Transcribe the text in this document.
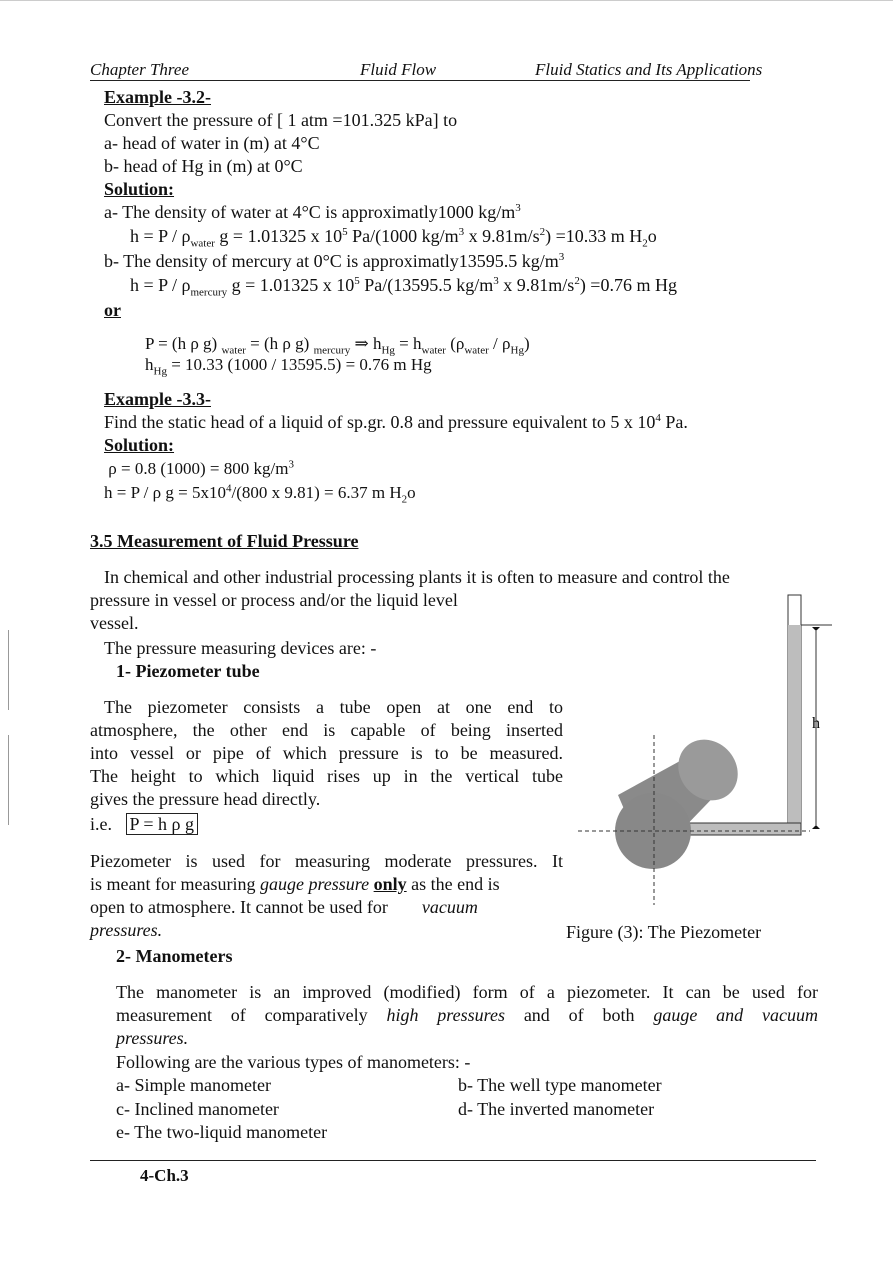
Chapter Three	Fluid Flow	Fluid Statics and Its Applications
Example -3.2-
Convert the pressure of [ 1 atm =101.325 kPa] to
a- head of water in (m) at 4°C
b- head of Hg in (m) at 0°C
Solution:
a- The density of water at 4°C is approximatly1000 $kg/m^3$
$h = P / \rho_{water}$ g = 1.01325 x $10^5$ Pa/(1000 $kg/m^3$ x $9.81m/s^2) =10.33$ m $H_2o$
b- The density of mercury at 0°C is approximatly13595.5 $kg/m^3$
$h = P / \rho_{mercury}$ g = 1.01325 x $10^5$ Pa/(13595.5 $kg/m^3$ x $9.81m/s^2) =0.76$ m Hg
or
P = (h ρ g) $_{water}$ = (h ρ g) $_{mercury}$ ⇒ $h_{Hg} = h_{water}$ $(\rho_{water} / \rho_{Hg})$
$h_{Hg} = 10.33$ (1000 / 13595.5) = 0.76 m Hg
Example -3.3-
Find the static head of a liquid of sp.gr. 0.8 and pressure equivalent to 5 x $10^4$ Pa.
Solution:
ρ = 0.8 (1000) = 800 $kg/m^3$
h = P / ρ $g = 5x10^4/(800$ x 9.81) = 6.37 m $H_2o$
3.5 Measurement of Fluid Pressure
In chemical and other industrial processing plants it is often to measure and control the
pressure in vessel or process and/or the liquid level
vessel.
The pressure measuring devices are: -
1- Piezometer tube
The piezometer consists a tube open at one end to
atmosphere, the other end is capable of being inserted
into vessel or pipe of which pressure is to be measured.
The height to which liquid rises up in the vertical tube
gives the pressure head directly.
i.e. P = h ρ g
Piezometer is used for measuring moderate pressures. It
is meant for measuring gauge pressure only as the end is
open to atmosphere. It cannot be used for vacuum
pressures.
h
Figure (3): The Piezometer
2- Manometers
The manometer is an improved (modified) form of a piezometer. It can be used for
measurement of comparatively high pressures and of both gauge and vacuum
pressures.
Following are the various types of manometers: -
a- Simple manometer	b- The well type manometer
c- Inclined manometer	d- The inverted manometer
e- The two-liquid manometer
4-Ch.3
